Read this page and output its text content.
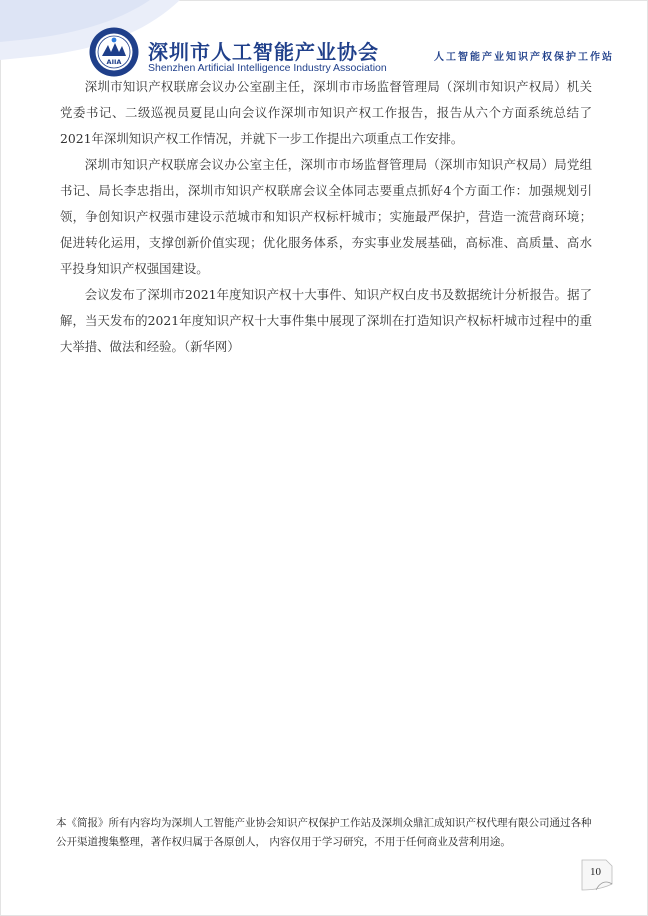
AIIA 深圳市人工智能产业协会
Shenzhen Artificial Intelligence Industry Association
人工智能产业知识产权保护工作站

深圳市知识产权联席会议办公室副主任，深圳市市场监督管理局（深圳市知识产权局）机关党委书记、二级巡视员夏昆山向会议作深圳市知识产权工作报告，报告从六个方面系统总结了2021年深圳知识产权工作情况，并就下一步工作提出六项重点工作安排。

深圳市知识产权联席会议办公室主任，深圳市市场监督管理局（深圳市知识产权局）局党组书记、局长李忠指出，深圳市知识产权联席会议全体同志要重点抓好4个方面工作：加强规划引领，争创知识产权强市建设示范城市和知识产权标杆城市；实施最严保护，营造一流营商环境；促进转化运用，支撑创新价值实现；优化服务体系，夯实事业发展基础，高标准、高质量、高水平投身知识产权强国建设。

会议发布了深圳市2021年度知识产权十大事件、知识产权白皮书及数据统计分析报告。据了解，当天发布的2021年度知识产权十大事件集中展现了深圳在打造知识产权标杆城市过程中的重大举措、做法和经验。（新华网）

本《简报》所有内容均为深圳人工智能产业协会知识产权保护工作站及深圳众鼎汇成知识产权代理有限公司通过各种公开渠道搜集整理，著作权归属于各原创人， 内容仅用于学习研究，不用于任何商业及营利用途。
10
